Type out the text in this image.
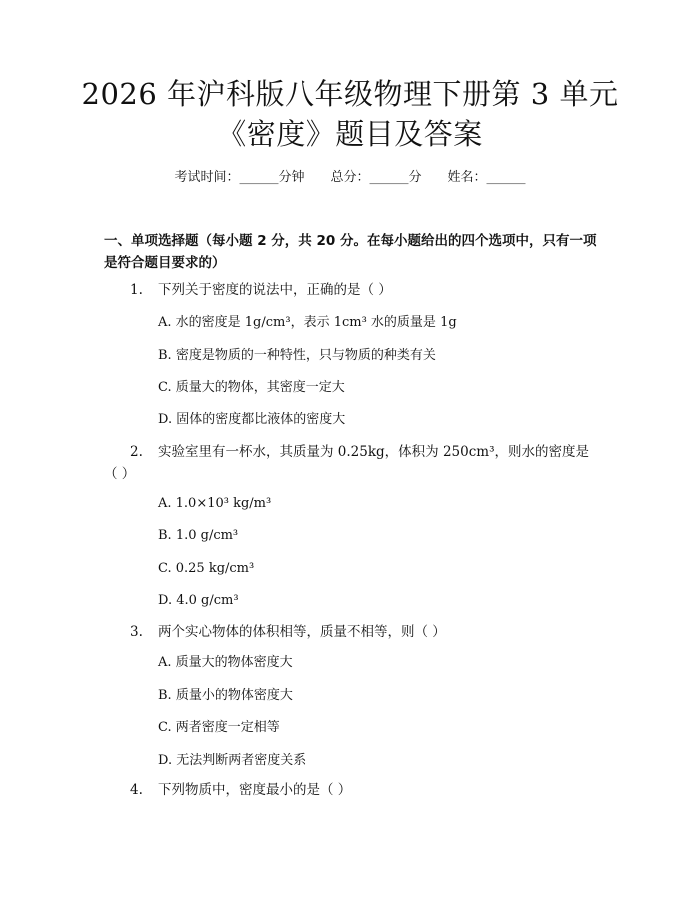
2026 年沪科版八年级物理下册第 3 单元《密度》题目及答案
考试时间：______分钟 总分：______分 姓名：______
一、单项选择题（每小题 2 分，共 20 分。在每小题给出的四个选项中，只有一项是符合题目要求的）
1. 下列关于密度的说法中，正确的是（ ）
A. 水的密度是 1g/cm³，表示 1cm³ 水的质量是 1g
B. 密度是物质的一种特性，只与物质的种类有关
C. 质量大的物体，其密度一定大
D. 固体的密度都比液体的密度大
2. 实验室里有一杯水，其质量为 0.25kg，体积为 250cm³，则水的密度是
（ ）
A. 1.0×10³ kg/m³
B. 1.0 g/cm³
C. 0.25 kg/cm³
D. 4.0 g/cm³
3. 两个实心物体的体积相等，质量不相等，则（ ）
A. 质量大的物体密度大
B. 质量小的物体密度大
C. 两者密度一定相等
D. 无法判断两者密度关系
4. 下列物质中，密度最小的是（ ）
